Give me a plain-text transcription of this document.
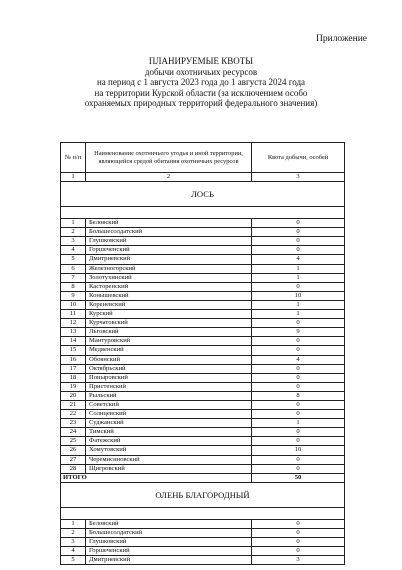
Приложение
ПЛАНИРУЕМЫЕ КВОТЫ
добычи охотничьих ресурсов
на период с 1 августа 2023 года до 1 августа 2024 года
на территории Курской области (за исключением особо
охраняемых природных территорий федерального значения)
№ п/п	Наименование охотничьего угодья и иной территории, являющейся средой обитания охотничьих ресурсов	Квота добычи, особей
1	2	3
ЛОСЬ		

1	Беловский	0
2	Большесолдатский	0
3	Глушковский	0
4	Горшеченский	0
5	Дмитриевский	4
6	Железногорский	1
7	Золотухинский	1
8	Касторенский	0
9	Конышевский	10
10	Кореневский	1
11	Курский	1
12	Курчатовский	0
13	Льговский	9
14	Мантуровский	0
15	Медвенский	0
16	Обоянский	4
17	Октябрьский	0
18	Поныровский	0
19	Пристенский	0
20	Рыльский	8
21	Советский	0
22	Солнцевский	0
23	Суджанский	1
24	Тимский	0
25	Фатежский	0
26	Хомутовский	10
27	Черемисиновский	0
28	Щигровский	0
ИТОГО		50
ОЛЕНЬ БЛАГОРОДНЫЙ		

1	Беловский	0
2	Большесолдатский	0
3	Глушковский	0
4	Горшеченский	0
5	Дмитриевский	3
